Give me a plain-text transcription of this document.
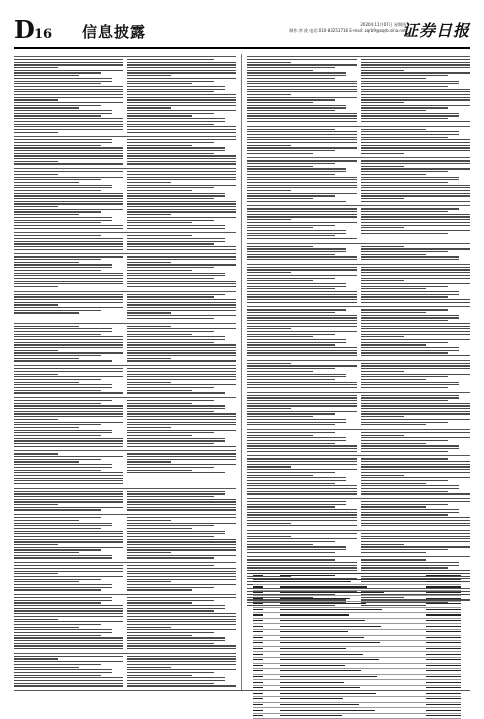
D 16 信息披露	2020年11月07日 星期四
制作:李 波 电话:010-83251716 E-mail: zqrb9@zqrb.sina.net
证券日报
